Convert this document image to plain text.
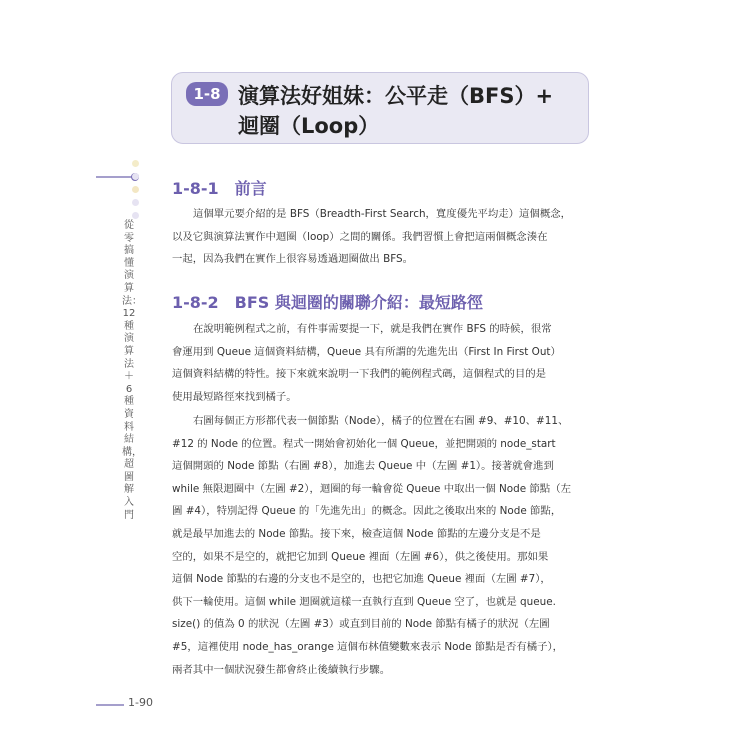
1-8 演算法好姐妹：公平走（BFS）+
迴圈（Loop）
從零搞懂演算法：12種演算法＋6種資料結構，超圖解入門
1-8-1　前言
這個單元要介紹的是 BFS（Breadth-First Search，寬度優先平均走）這個概念，
以及它與演算法實作中迴圈（loop）之間的關係。我們習慣上會把這兩個概念湊在
一起，因為我們在實作上很容易透過迴圈做出 BFS。
1-8-2　BFS 與迴圈的關聯介紹：最短路徑
在說明範例程式之前，有件事需要提一下，就是我們在實作 BFS 的時候，很常
會運用到 Queue 這個資料結構，Queue 具有所謂的先進先出（First In First Out）
這個資料結構的特性。接下來就來說明一下我們的範例程式碼，這個程式的目的是
使用最短路徑來找到橘子。
右圖每個正方形都代表一個節點（Node），橘子的位置在右圖 #9、#10、#11、
#12 的 Node 的位置。程式一開始會初始化一個 Queue，並把開頭的 node_start
這個開頭的 Node 節點（右圖 #8），加進去 Queue 中（左圖 #1）。接著就會進到
while 無限迴圈中（左圖 #2），迴圈的每一輪會從 Queue 中取出一個 Node 節點（左
圖 #4），特別記得 Queue 的「先進先出」的概念。因此之後取出來的 Node 節點，
就是最早加進去的 Node 節點。接下來，檢查這個 Node 節點的左邊分支是不是
空的，如果不是空的，就把它加到 Queue 裡面（左圖 #6），供之後使用。那如果
這個 Node 節點的右邊的分支也不是空的，也把它加進 Queue 裡面（左圖 #7），
供下一輪使用。這個 while 迴圈就這樣一直執行直到 Queue 空了，也就是 queue.
size() 的值為 0 的狀況（左圖 #3）或直到目前的 Node 節點有橘子的狀況（左圖
#5，這裡使用 node_has_orange 這個布林值變數來表示 Node 節點是否有橘子），
兩者其中一個狀況發生都會終止後續執行步驟。
1-90
